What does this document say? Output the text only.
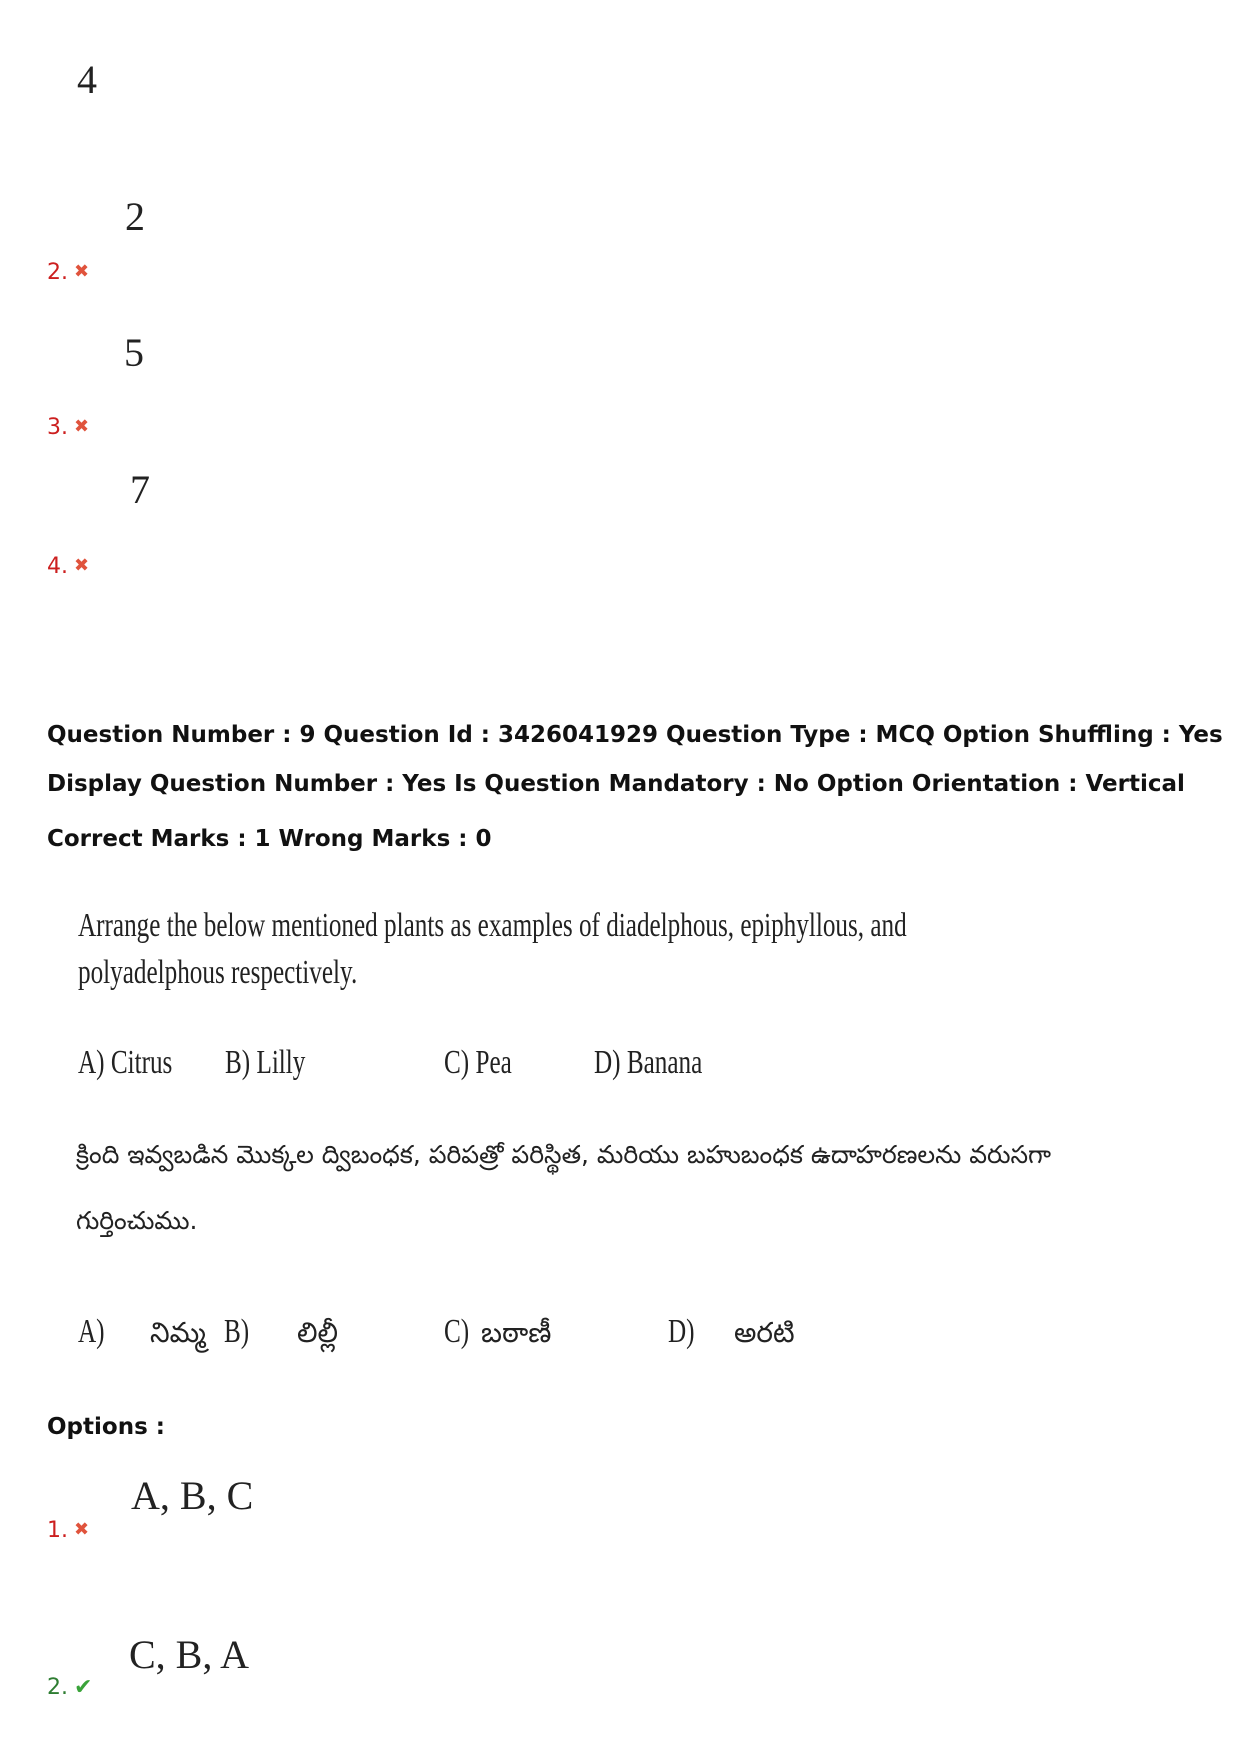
4
2
2. ✖
5
3. ✖
7
4. ✖
Question Number : 9 Question Id : 3426041929 Question Type : MCQ Option Shuffling : Yes
Display Question Number : Yes Is Question Mandatory : No Option Orientation : Vertical
Correct Marks : 1 Wrong Marks : 0
Arrange the below mentioned plants as examples of diadelphous, epiphyllous, and
polyadelphous respectively.
A) Citrus B) Lilly	C) Pea D) Banana
క్రింది ఇవ్వబడిన మొక్కల ద్విబంధక, పరిపత్రో పరిస్థిత, మరియు బహుబంధక ఉదాహరణలను వరుసగా
గుర్తించుము.
A) నిమ్మ B) లిల్లీ	C) బఠాణీ	D) అరటి
Options :
A, B, C
1. ✖
C, B, A
2. ✔
